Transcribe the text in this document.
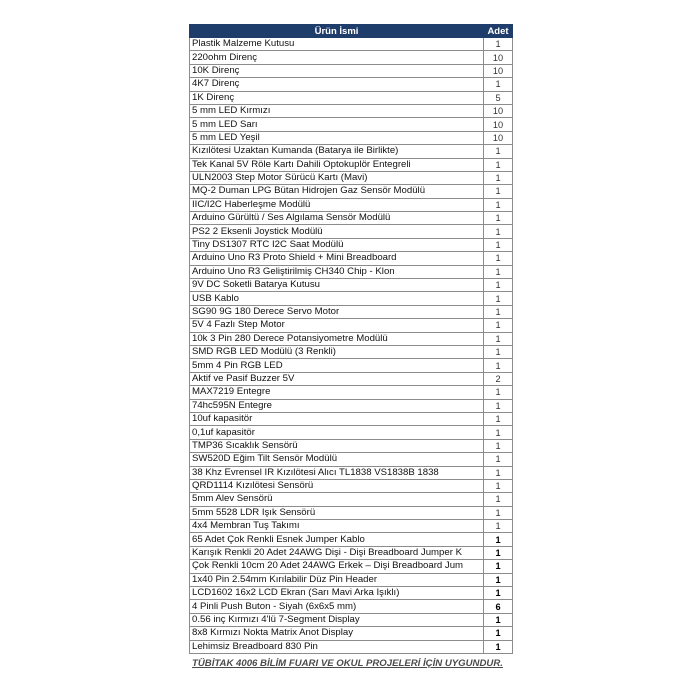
Ürün İsmi	Adet
Plastik Malzeme Kutusu	1
220ohm Direnç	10
10K Direnç	10
4K7 Direnç	1
1K Direnç	5
5 mm LED Kırmızı	10
5 mm LED Sarı	10
5 mm LED Yeşil	10
Kızılötesi Uzaktan Kumanda (Batarya ile Birlikte)	1
Tek Kanal 5V Röle Kartı Dahili Optokuplör Entegreli	1
ULN2003 Step Motor Sürücü Kartı (Mavi)	1
MQ-2 Duman LPG Bütan Hidrojen Gaz Sensör Modülü	1
IIC/I2C Haberleşme Modülü	1
Arduino Gürültü / Ses Algılama Sensör Modülü	1
PS2 2 Eksenli Joystick Modülü	1
Tiny DS1307 RTC I2C Saat Modülü	1
Arduino Uno R3 Proto Shield + Mini Breadboard	1
Arduino Uno R3 Geliştirilmiş CH340 Chip - Klon	1
9V DC Soketli Batarya Kutusu	1
USB Kablo	1
SG90 9G 180 Derece Servo Motor	1
5V 4 Fazlı Step Motor	1
10k 3 Pin 280 Derece Potansiyometre Modülü	1
SMD RGB LED Modülü (3 Renkli)	1
5mm 4 Pin RGB LED	1
Aktif ve Pasif Buzzer 5V	2
MAX7219 Entegre	1
74hc595N Entegre	1
10uf kapasitör	1
0,1uf kapasitör	1
TMP36 Sıcaklık Sensörü	1
SW520D Eğim Tilt Sensör Modülü	1
38 Khz Evrensel IR Kızılötesi Alıcı TL1838 VS1838B 1838	1
QRD1114 Kızılötesi Sensörü	1
5mm Alev Sensörü	1
5mm 5528 LDR Işık Sensörü	1
4x4 Membran Tuş Takımı	1
65 Adet Çok Renkli Esnek Jumper Kablo	1
Karışık Renkli 20 Adet 24AWG Dişi - Dişi Breadboard Jumper K	1
Çok Renkli 10cm 20 Adet 24AWG Erkek – Dişi Breadboard Jum	1
1x40 Pin 2.54mm Kırılabilir Düz Pin Header	1
LCD1602 16x2 LCD Ekran (Sarı Mavi Arka Işıklı)	1
4 Pinli Push Buton - Siyah (6x6x5 mm)	6
0.56 inç Kırmızı 4'lü 7-Segment Display	1
8x8 Kırmızı Nokta Matrix Anot Display	1
Lehimsiz Breadboard 830 Pin	1
TÜBİTAK 4006 BİLİM FUARI VE OKUL PROJELERİ İÇİN UYGUNDUR.
